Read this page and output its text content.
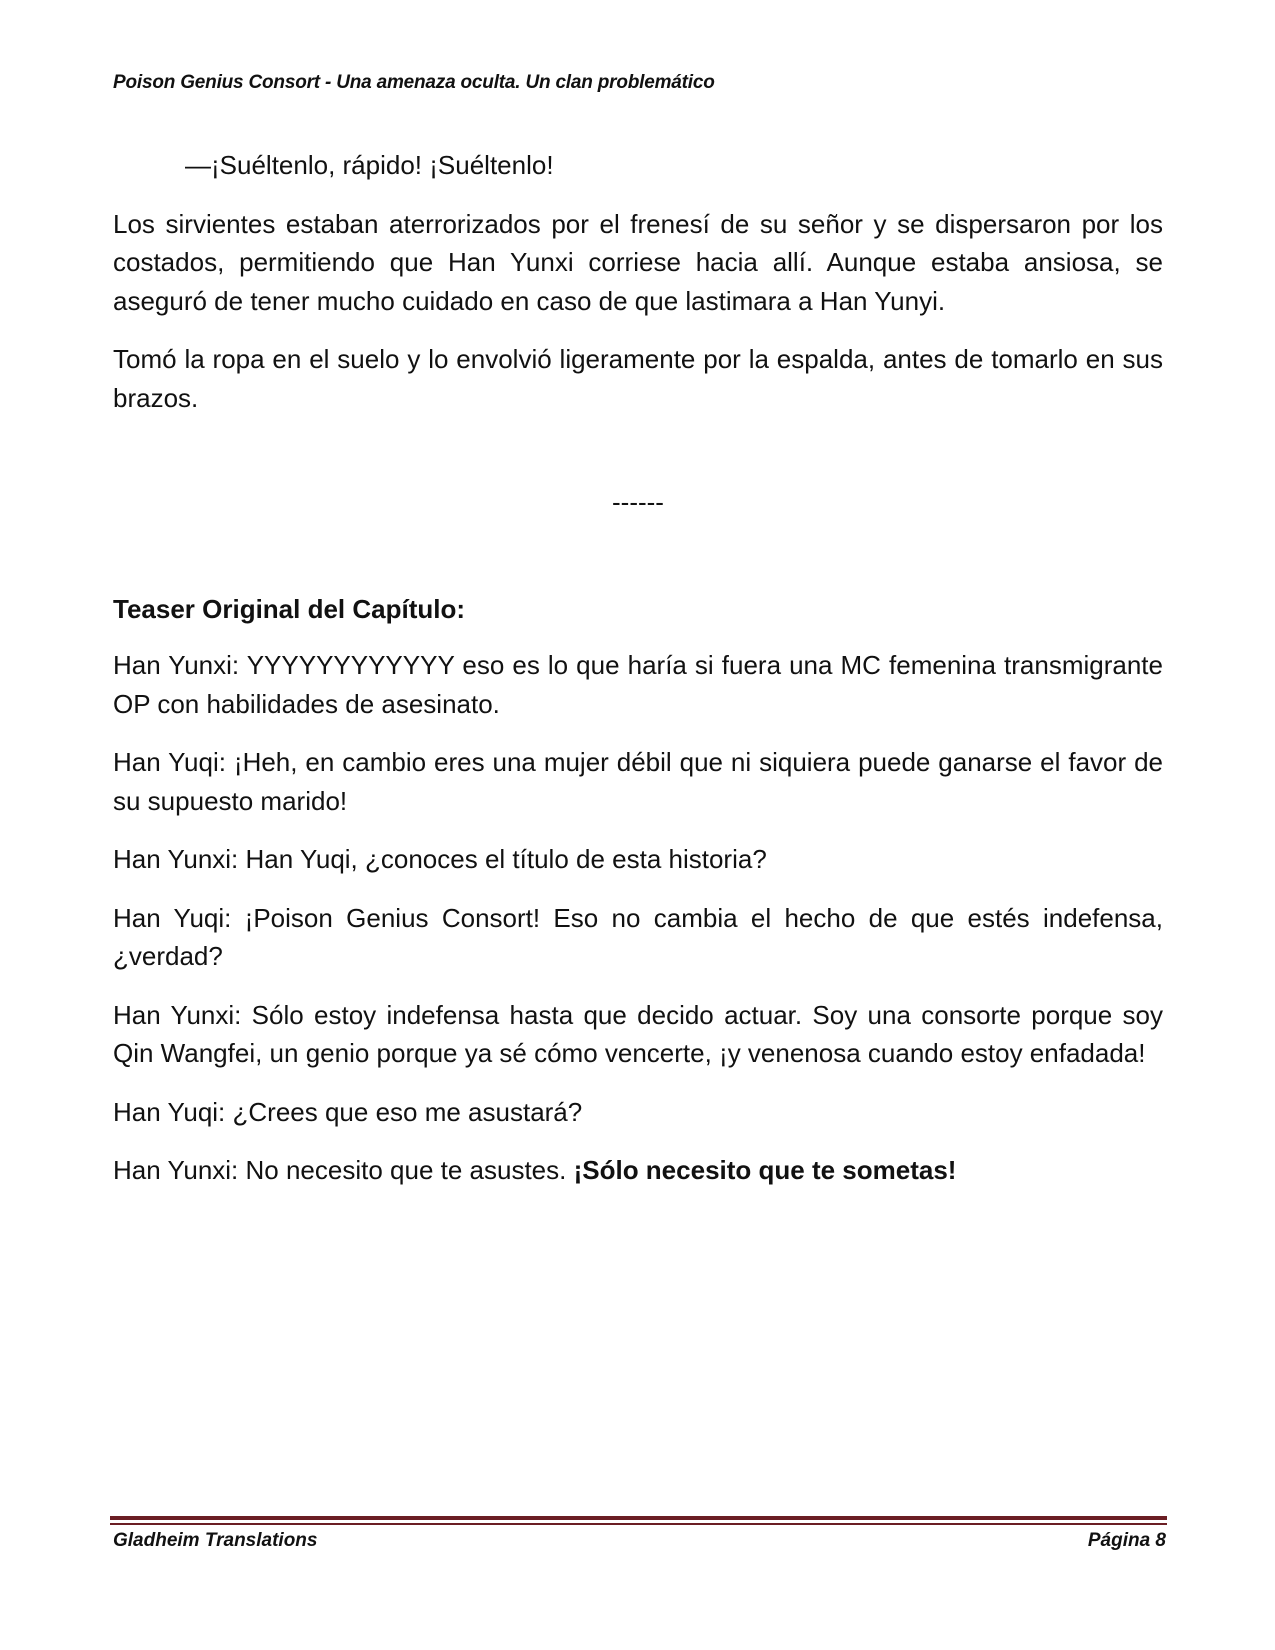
Poison Genius Consort - Una amenaza oculta. Un clan problemático

—¡Suéltenlo, rápido! ¡Suéltenlo!

Los sirvientes estaban aterrorizados por el frenesí de su señor y se dispersaron por los costados, permitiendo que Han Yunxi corriese hacia allí. Aunque estaba ansiosa, se aseguró de tener mucho cuidado en caso de que lastimara a Han Yunyi.

Tomó la ropa en el suelo y lo envolvió ligeramente por la espalda, antes de tomarlo en sus brazos.

------

Teaser Original del Capítulo:

Han Yunxi: YYYYYYYYYYYY eso es lo que haría si fuera una MC femenina transmigrante OP con habilidades de asesinato.

Han Yuqi: ¡Heh, en cambio eres una mujer débil que ni siquiera puede ganarse el favor de su supuesto marido!

Han Yunxi: Han Yuqi, ¿conoces el título de esta historia?

Han Yuqi: ¡Poison Genius Consort! Eso no cambia el hecho de que estés indefensa, ¿verdad?

Han Yunxi: Sólo estoy indefensa hasta que decido actuar. Soy una consorte porque soy Qin Wangfei, un genio porque ya sé cómo vencerte, ¡y venenosa cuando estoy enfadada!

Han Yuqi: ¿Crees que eso me asustará?

Han Yunxi: No necesito que te asustes. ¡Sólo necesito que te sometas!

Gladheim Translations	Página 8
